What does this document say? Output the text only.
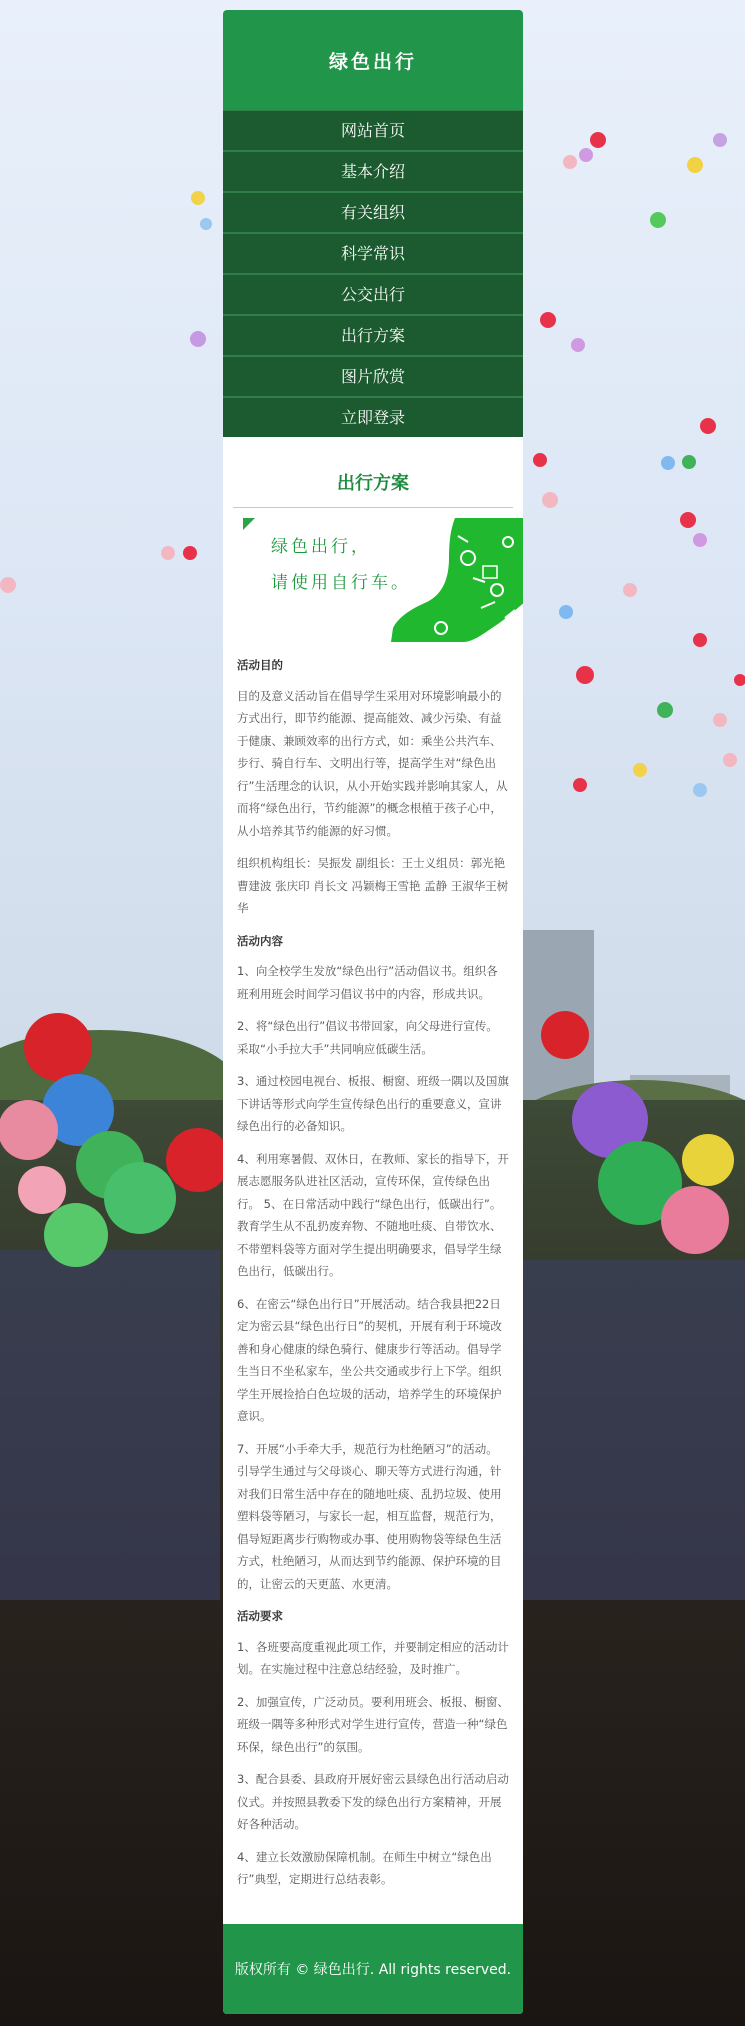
绿色出行
网站首页
基本介绍
有关组织
科学常识
公交出行
出行方案
图片欣赏
立即登录
出行方案
绿色出行，
请使用自行车。
活动目的

目的及意义活动旨在倡导学生采用对环境影响最小的方式出行，即节约能源、提高能效、减少污染、有益于健康、兼顾效率的出行方式，如：乘坐公共汽车、步行、骑自行车、文明出行等，提高学生对“绿色出行”生活理念的认识，从小开始实践并影响其家人，从而将“绿色出行，节约能源”的概念根植于孩子心中，从小培养其节约能源的好习惯。

组织机构组长：吴振发 副组长：王士义组员：郭光艳 曹建波 张庆印 肖长文 冯颖梅王雪艳 孟静 王淑华王树华

活动内容

1、向全校学生发放“绿色出行”活动倡议书。组织各班利用班会时间学习倡议书中的内容，形成共识。

2、将“绿色出行”倡议书带回家，向父母进行宣传。采取“小手拉大手”共同响应低碳生活。

3、通过校园电视台、板报、橱窗、班级一隅以及国旗下讲话等形式向学生宣传绿色出行的重要意义，宣讲绿色出行的必备知识。

4、利用寒暑假、双休日，在教师、家长的指导下，开展志愿服务队进社区活动，宣传环保，宣传绿色出行。 5、在日常活动中践行“绿色出行，低碳出行”。教育学生从不乱扔废弃物、不随地吐痰、自带饮水、不带塑料袋等方面对学生提出明确要求，倡导学生绿色出行，低碳出行。

6、在密云“绿色出行日”开展活动。结合我县把22日定为密云县“绿色出行日”的契机，开展有利于环境改善和身心健康的绿色骑行、健康步行等活动。倡导学生当日不坐私家车，坐公共交通或步行上下学。组织学生开展捡拾白色垃圾的活动，培养学生的环境保护意识。

7、开展“小手牵大手，规范行为杜绝陋习”的活动。引导学生通过与父母谈心、聊天等方式进行沟通，针对我们日常生活中存在的随地吐痰、乱扔垃圾、使用塑料袋等陋习，与家长一起，相互监督，规范行为，倡导短距离步行购物或办事、使用购物袋等绿色生活方式，杜绝陋习，从而达到节约能源、保护环境的目的，让密云的天更蓝、水更清。

活动要求

1、各班要高度重视此项工作，并要制定相应的活动计划。在实施过程中注意总结经验，及时推广。

2、加强宣传，广泛动员。要利用班会、板报、橱窗、班级一隅等多种形式对学生进行宣传，营造一种“绿色环保，绿色出行”的氛围。

3、配合县委、县政府开展好密云县绿色出行活动启动仪式。并按照县教委下发的绿色出行方案精神，开展好各种活动。

4、建立长效激励保障机制。在师生中树立“绿色出行”典型，定期进行总结表彰。

版权所有 © 绿色出行. All rights reserved.
